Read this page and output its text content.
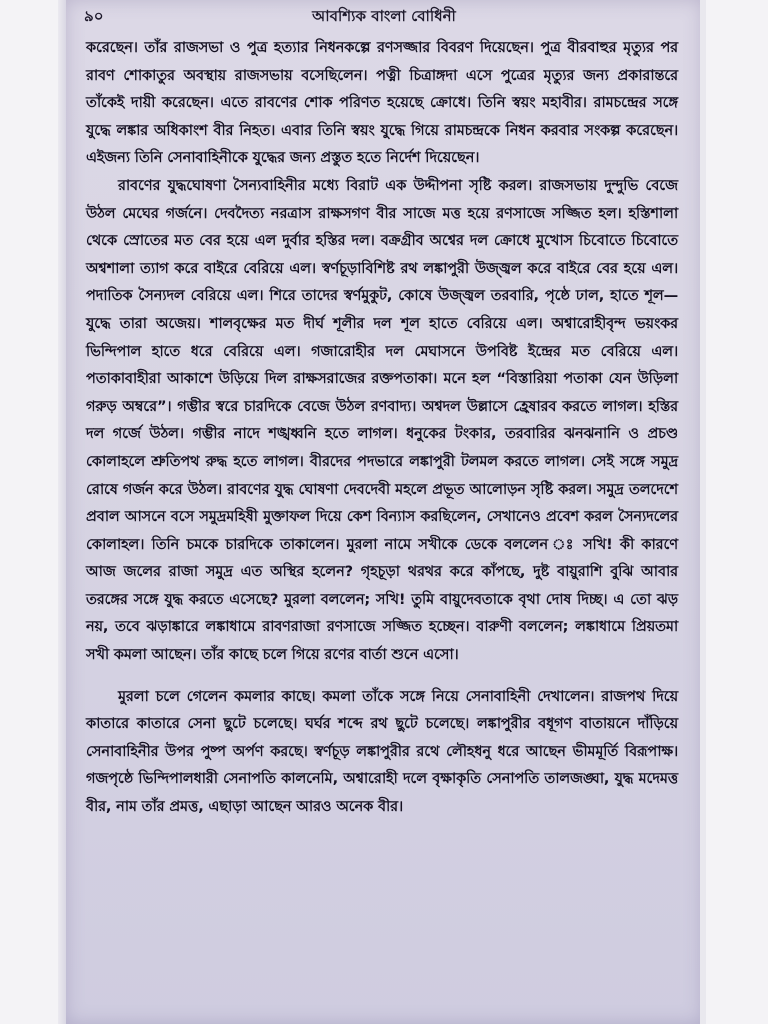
৯০	আবশ্যিক বাংলা বোধিনী

করেছেন। তাঁর রাজসভা ও পুত্র হত্যার নিধনকল্পে রণসজ্জার বিবরণ দিয়েছেন। পুত্র বীরবাহুর মৃত্যুর পর রাবণ শোকাতুর অবস্থায় রাজসভায় বসেছিলেন। পত্নী চিত্রাঙ্গদা এসে পুত্রের মৃত্যুর জন্য প্রকারান্তরে তাঁকেই দায়ী করেছেন। এতে রাবণের শোক পরিণত হয়েছে ক্রোধে। তিনি স্বয়ং মহাবীর। রামচন্দ্রের সঙ্গে যুদ্ধে লঙ্কার অধিকাংশ বীর নিহত। এবার তিনি স্বয়ং যুদ্ধে গিয়ে রামচন্দ্রকে নিধন করবার সংকল্প করেছেন। এইজন্য তিনি সেনাবাহিনীকে যুদ্ধের জন্য প্রস্তুত হতে নির্দেশ দিয়েছেন।

রাবণের যুদ্ধঘোষণা সৈন্যবাহিনীর মধ্যে বিরাট এক উদ্দীপনা সৃষ্টি করল। রাজসভায় দুন্দুভি বেজে উঠল মেঘের গর্জনে। দেবদৈত্য নরত্রাস রাক্ষসগণ বীর সাজে মত্ত হয়ে রণসাজে সজ্জিত হল। হস্তিশালা থেকে স্রোতের মত বের হয়ে এল দুর্বার হস্তির দল। বক্রগ্রীব অশ্বের দল ক্রোধে মুখোস চিবোতে চিবোতে অশ্বশালা ত্যাগ করে বাইরে বেরিয়ে এল। স্বর্ণচূড়াবিশিষ্ট রথ লঙ্কাপুরী উজ্জ্বল করে বাইরে বের হয়ে এল। পদাতিক সৈন্যদল বেরিয়ে এল। শিরে তাদের স্বর্ণমুকুট, কোষে উজ্জ্বল তরবারি, পৃষ্ঠে ঢাল, হাতে শূল— যুদ্ধে তারা অজেয়। শালবৃক্ষের মত দীর্ঘ শূলীর দল শূল হাতে বেরিয়ে এল। অশ্বারোহীবৃন্দ ভয়ংকর ভিন্দিপাল হাতে ধরে বেরিয়ে এল। গজারোহীর দল মেঘাসনে উপবিষ্ট ইন্দ্রের মত বেরিয়ে এল। পতাকাবাহীরা আকাশে উড়িয়ে দিল রাক্ষসরাজের রক্তপতাকা। মনে হল “বিস্তারিয়া পতাকা যেন উড়িলা গরুড় অম্বরে”। গম্ভীর স্বরে চারদিকে বেজে উঠল রণবাদ্য। অশ্বদল উল্লাসে হ্রেষারব করতে লাগল। হস্তির দল গর্জে উঠল। গম্ভীর নাদে শঙ্খধ্বনি হতে লাগল। ধনুকের টংকার, তরবারির ঝনঝনানি ও প্রচণ্ড কোলাহলে শ্রুতিপথ রুদ্ধ হতে লাগল। বীরদের পদভারে লঙ্কাপুরী টলমল করতে লাগল। সেই সঙ্গে সমুদ্র রোষে গর্জন করে উঠল। রাবণের যুদ্ধ ঘোষণা দেবদেবী মহলে প্রভূত আলোড়ন সৃষ্টি করল। সমুদ্র তলদেশে প্রবাল আসনে বসে সমুদ্রমহিষী মুক্তাফল দিয়ে কেশ বিন্যাস করছিলেন, সেখানেও প্রবেশ করল সৈন্যদলের কোলাহল। তিনি চমকে চারদিকে তাকালেন। মুরলা নামে সখীকে ডেকে বললেন ঃ সখি! কী কারণে আজ জলের রাজা সমুদ্র এত অস্থির হলেন? গৃহচূড়া থরথর করে কাঁপছে, দুষ্ট বায়ুরাশি বুঝি আবার তরঙ্গের সঙ্গে যুদ্ধ করতে এসেছে? মুরলা বললেন; সখি! তুমি বায়ুদেবতাকে বৃথা দোষ দিচ্ছ। এ তো ঝড় নয়, তবে ঝড়াঙ্কারে লঙ্কাধামে রাবণরাজা রণসাজে সজ্জিত হচ্ছেন। বারুণী বললেন; লঙ্কাধামে প্রিয়তমা সখী কমলা আছেন। তাঁর কাছে চলে গিয়ে রণের বার্তা শুনে এসো।

মুরলা চলে গেলেন কমলার কাছে। কমলা তাঁকে সঙ্গে নিয়ে সেনাবাহিনী দেখালেন। রাজপথ দিয়ে কাতারে কাতারে সেনা ছুটে চলেছে। ঘর্ঘর শব্দে রথ ছুটে চলেছে। লঙ্কাপুরীর বধূগণ বাতায়নে দাঁড়িয়ে সেনাবাহিনীর উপর পুষ্প অর্পণ করছে। স্বর্ণচূড় লঙ্কাপুরীর রথে লৌহধনু ধরে আছেন ভীমমূর্তি বিরূপাক্ষ। গজপৃষ্ঠে ভিন্দিপালধারী সেনাপতি কালনেমি, অশ্বারোহী দলে বৃক্ষাকৃতি সেনাপতি তালজঙ্ঘা, যুদ্ধ মদেমত্ত বীর, নাম তাঁর প্রমত্ত, এছাড়া আছেন আরও অনেক বীর।
